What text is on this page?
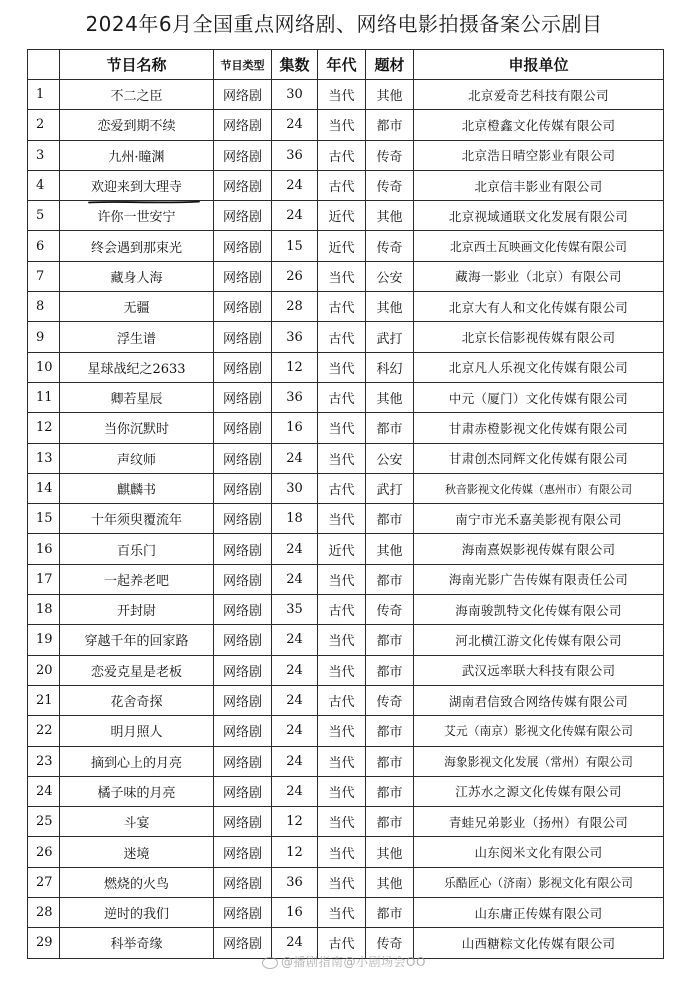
2024年6月全国重点网络剧、网络电影拍摄备案公示剧目
	节目名称	节目类型	集数	年代	题材	申报单位
1	不二之臣	网络剧	30	当代	其他	北京爱奇艺科技有限公司
2	恋爱到期不续	网络剧	24	当代	都市	北京橙鑫文化传媒有限公司
3	九州·瞳渊	网络剧	36	古代	传奇	北京浩日晴空影业有限公司
4	欢迎来到大理寺	网络剧	24	古代	传奇	北京信丰影业有限公司
5	许你一世安宁	网络剧	24	近代	其他	北京视域通联文化发展有限公司
6	终会遇到那束光	网络剧	15	近代	传奇	北京西土瓦映画文化传媒有限公司
7	藏身人海	网络剧	26	当代	公安	藏海一影业（北京）有限公司
8	无疆	网络剧	28	古代	其他	北京大有人和文化传媒有限公司
9	浮生谱	网络剧	36	古代	武打	北京长信影视传媒有限公司
10	星球战纪之2633	网络剧	12	当代	科幻	北京凡人乐视文化传媒有限公司
11	卿若星辰	网络剧	36	古代	其他	中元（厦门）文化传媒有限公司
12	当你沉默时	网络剧	16	当代	都市	甘肃赤橙影视文化传媒有限公司
13	声纹师	网络剧	24	当代	公安	甘肃创杰同辉文化传媒有限公司
14	麒麟书	网络剧	30	古代	武打	秋音影视文化传媒（惠州市）有限公司
15	十年须臾覆流年	网络剧	18	当代	都市	南宁市光禾嘉美影视有限公司
16	百乐门	网络剧	24	近代	其他	海南熹娱影视传媒有限公司
17	一起养老吧	网络剧	24	当代	都市	海南光影广告传媒有限责任公司
18	开封尉	网络剧	35	古代	传奇	海南骏凯特文化传媒有限公司
19	穿越千年的回家路	网络剧	24	当代	都市	河北横江游文化传媒有限公司
20	恋爱克星是老板	网络剧	24	当代	都市	武汉远率联大科技有限公司
21	花舍奇探	网络剧	24	古代	传奇	湖南君信致合网络传媒有限公司
22	明月照人	网络剧	24	当代	都市	艾元（南京）影视文化传媒有限公司
23	摘到心上的月亮	网络剧	24	当代	都市	海象影视文化发展（常州）有限公司
24	橘子味的月亮	网络剧	24	当代	都市	江苏水之源文化传媒有限公司
25	斗宴	网络剧	12	当代	都市	青蛙兄弟影业（扬州）有限公司
26	迷境	网络剧	12	当代	其他	山东阅米文化有限公司
27	燃烧的火鸟	网络剧	36	当代	其他	乐酷匠心（济南）影视文化有限公司
28	逆时的我们	网络剧	16	当代	都市	山东庸正传媒有限公司
29	科举奇缘	网络剧	24	古代	传奇	山西糖粽文化传媒有限公司
@播剧指南@小剧场会OO
